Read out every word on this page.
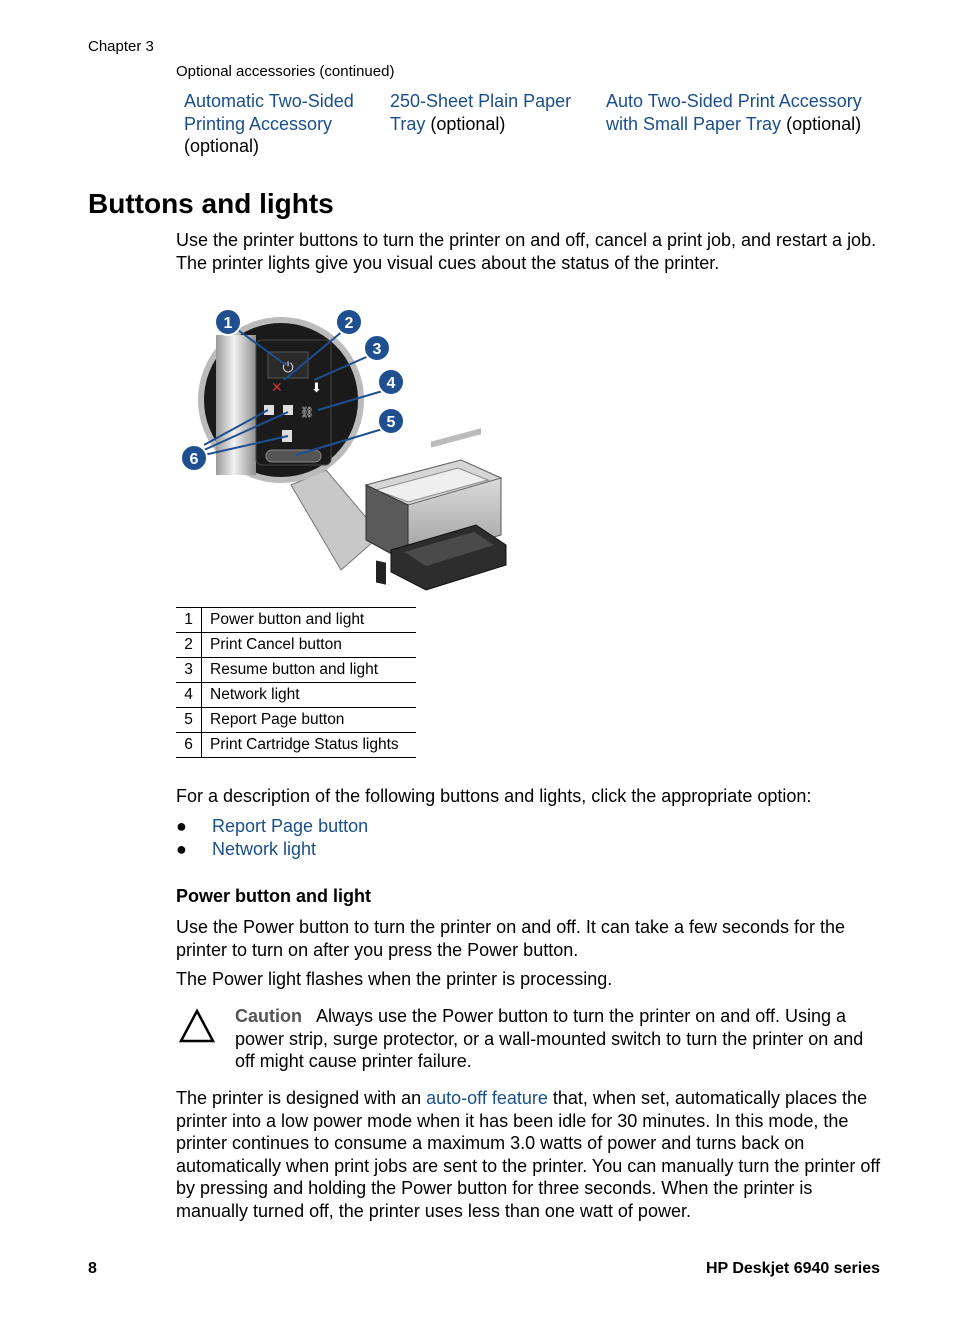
Chapter 3
Optional accessories (continued)
Automatic Two-Sided Printing Accessory (optional)
250-Sheet Plain Paper Tray (optional)
Auto Two-Sided Print Accessory with Small Paper Tray (optional)
Buttons and lights
Use the printer buttons to turn the printer on and off, cancel a print job, and restart a job. The printer lights give you visual cues about the status of the printer.
⏻
✕ ⬇
⛓
1	2
3
4
5
6
1	Power button and light
2	Print Cancel button
3	Resume button and light
4	Network light
5	Report Page button
6	Print Cartridge Status lights
For a description of the following buttons and lights, click the appropriate option:
● Report Page button
● Network light
Power button and light
Use the Power button to turn the printer on and off. It can take a few seconds for the printer to turn on after you press the Power button.
The Power light flashes when the printer is processing.
Caution Always use the Power button to turn the printer on and off. Using a power strip, surge protector, or a wall-mounted switch to turn the printer on and off might cause printer failure.
The printer is designed with an auto-off feature that, when set, automatically places the printer into a low power mode when it has been idle for 30 minutes. In this mode, the printer continues to consume a maximum 3.0 watts of power and turns back on automatically when print jobs are sent to the printer. You can manually turn the printer off by pressing and holding the Power button for three seconds. When the printer is manually turned off, the printer uses less than one watt of power.
8	HP Deskjet 6940 series
